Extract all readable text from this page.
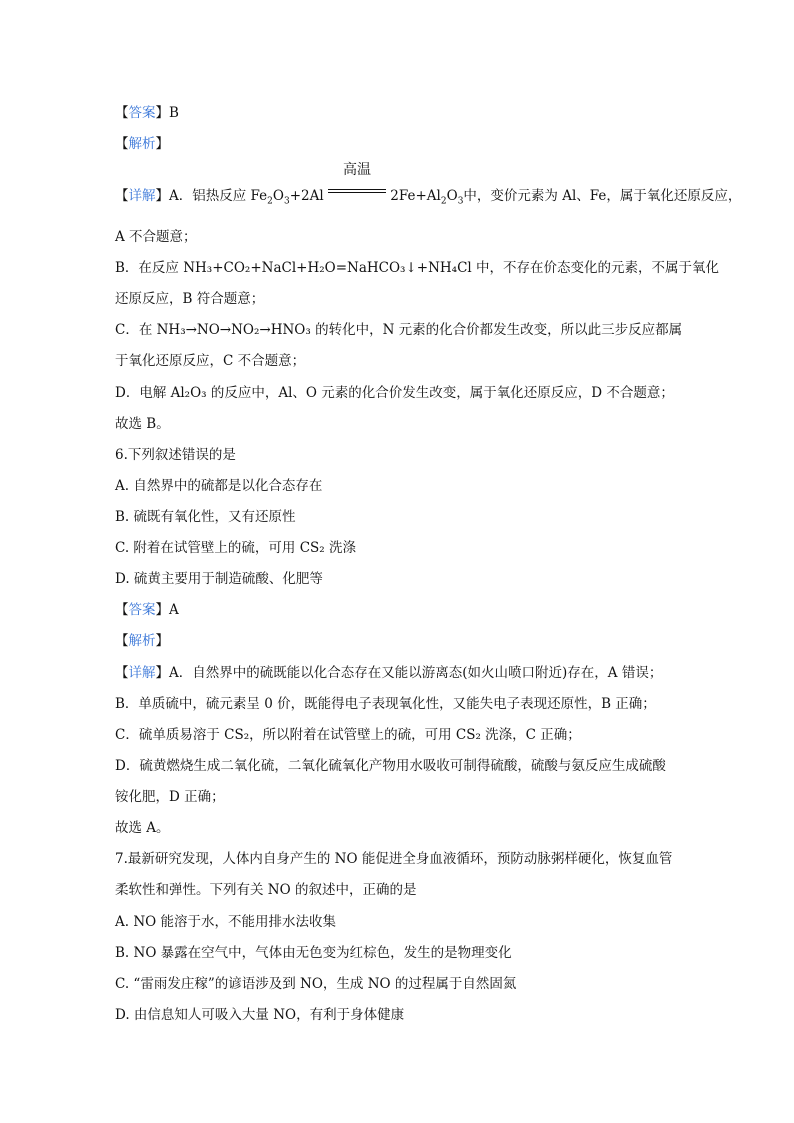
【答案】B
【解析】
【详解】A．铝热反应 $Fe_2O_3+2Al$
高温
$2Fe+Al_2O_3$中，变价元素为 Al、Fe，属于氧化还原反应，
A 不合题意；
B．在反应 NH₃+CO₂+NaCl+H₂O=NaHCO₃↓+NH₄Cl 中，不存在价态变化的元素，不属于氧化
还原反应，B 符合题意；
C．在 NH₃→NO→NO₂→HNO₃ 的转化中，N 元素的化合价都发生改变，所以此三步反应都属
于氧化还原反应，C 不合题意；
D．电解 Al₂O₃ 的反应中，Al、O 元素的化合价发生改变，属于氧化还原反应，D 不合题意；
故选 B。
6.下列叙述错误的是
A. 自然界中的硫都是以化合态存在
B. 硫既有氧化性，又有还原性
C. 附着在试管壁上的硫，可用 CS₂ 洗涤
D. 硫黄主要用于制造硫酸、化肥等
【答案】A
【解析】
【详解】A．自然界中的硫既能以化合态存在又能以游离态(如火山喷口附近)存在，A 错误；
B．单质硫中，硫元素呈 0 价，既能得电子表现氧化性，又能失电子表现还原性，B 正确；
C．硫单质易溶于 CS₂，所以附着在试管壁上的硫，可用 CS₂ 洗涤，C 正确；
D．硫黄燃烧生成二氧化硫，二氧化硫氧化产物用水吸收可制得硫酸，硫酸与氨反应生成硫酸
铵化肥，D 正确；
故选 A。
7.最新研究发现，人体内自身产生的 NO 能促进全身血液循环，预防动脉粥样硬化，恢复血管
柔软性和弹性。下列有关 NO 的叙述中，正确的是
A. NO 能溶于水，不能用排水法收集
B. NO 暴露在空气中，气体由无色变为红棕色，发生的是物理变化
C. “雷雨发庄稼”的谚语涉及到 NO，生成 NO 的过程属于自然固氮
D. 由信息知人可吸入大量 NO，有利于身体健康
